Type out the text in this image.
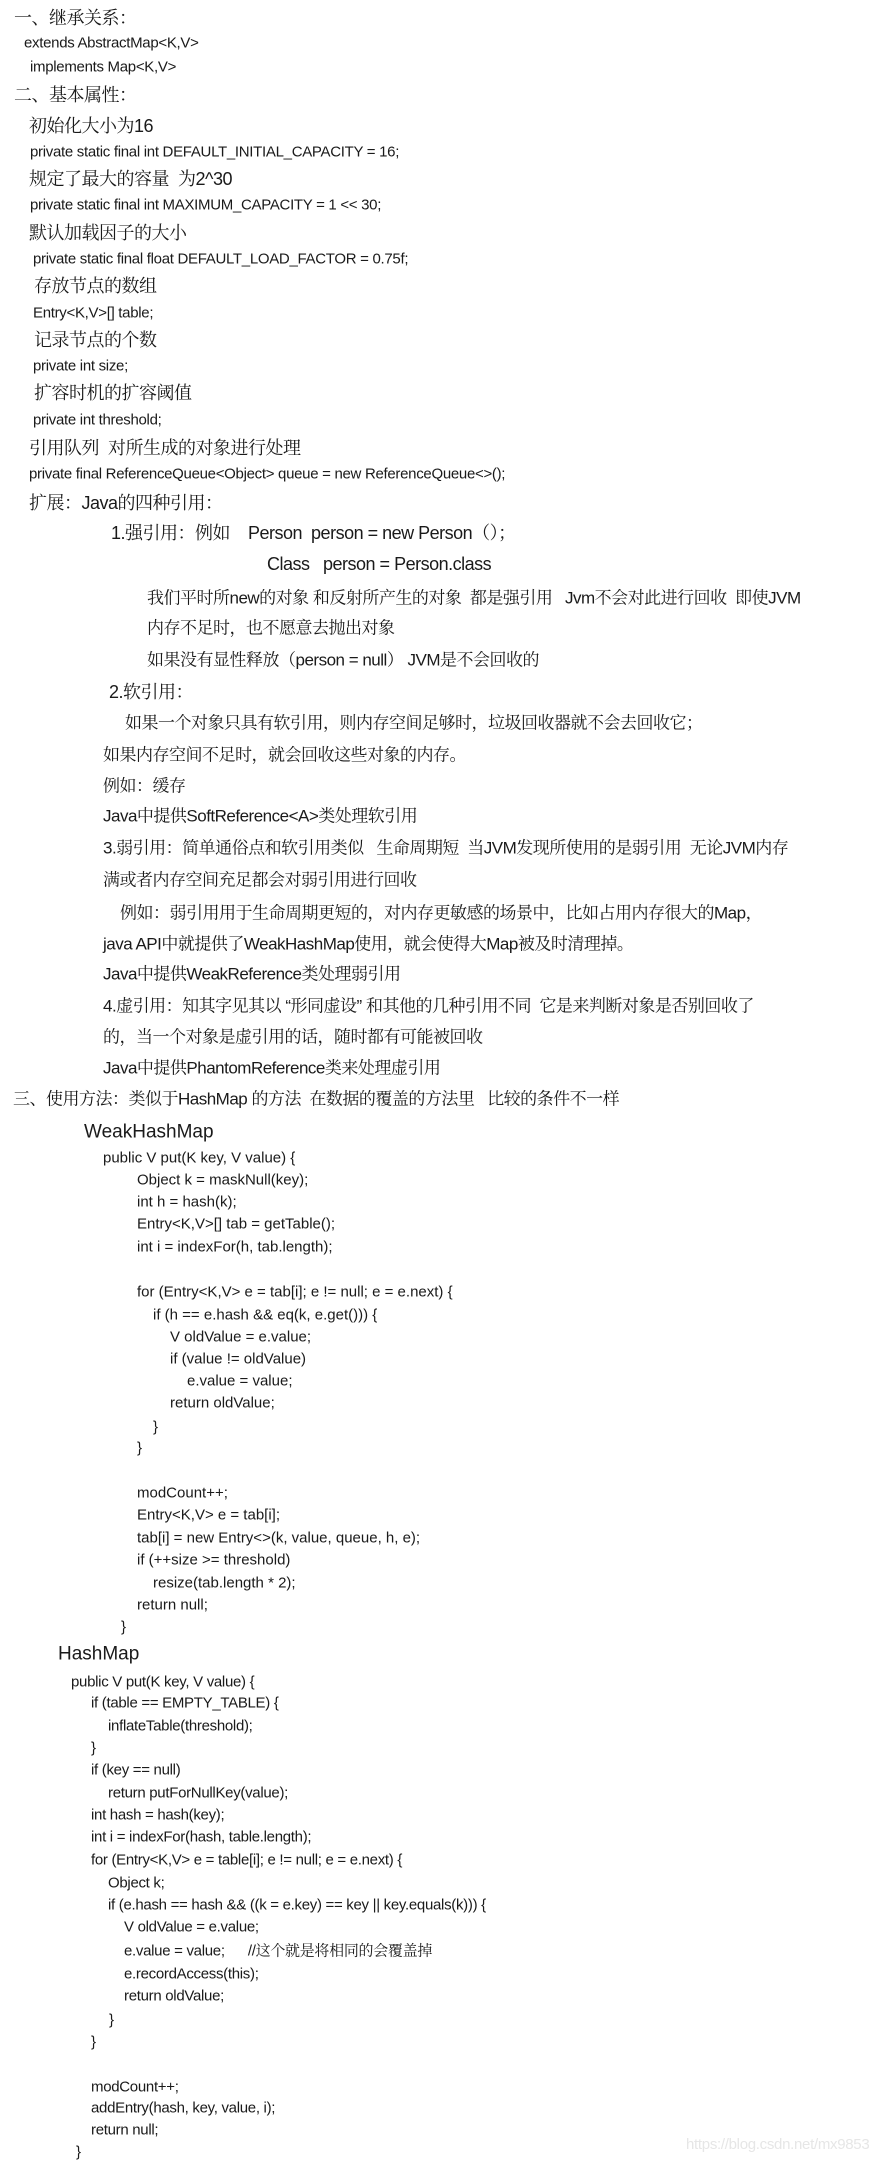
一、继承关系：
extends AbstractMap<K,V>
implements Map<K,V>
二、基本属性：
初始化大小为16
private static final int DEFAULT_INITIAL_CAPACITY = 16;
规定了最大的容量  为2^30
private static final int MAXIMUM_CAPACITY = 1 << 30;
默认加载因子的大小
private static final float DEFAULT_LOAD_FACTOR = 0.75f;
存放节点的数组
Entry<K,V>[] table;
记录节点的个数
private int size;
扩容时机的扩容阈值
private int threshold;
引用队列  对所生成的对象进行处理
private final ReferenceQueue<Object> queue = new ReferenceQueue<>();
扩展：Java的四种引用：
1.强引用：例如    Person  person = new Person（）；
Class   person = Person.class
我们平时所new的对象 和反射所产生的对象  都是强引用   Jvm不会对此进行回收  即使JVM
内存不足时，也不愿意去抛出对象
如果没有显性释放（person = null） JVM是不会回收的
2.软引用：
如果一个对象只具有软引用，则内存空间足够时，垃圾回收器就不会去回收它；
如果内存空间不足时，就会回收这些对象的内存。
例如：缓存
Java中提供SoftReference<A>类处理软引用
3.弱引用：简单通俗点和软引用类似   生命周期短  当JVM发现所使用的是弱引用  无论JVM内存
满或者内存空间充足都会对弱引用进行回收
例如：弱引用用于生命周期更短的，对内存更敏感的场景中，比如占用内存很大的Map，
java API中就提供了WeakHashMap使用，就会使得大Map被及时清理掉。
Java中提供WeakReference类处理弱引用
4.虚引用：知其字见其以 “形同虚设” 和其他的几种引用不同  它是来判断对象是否别回收了
的，当一个对象是虚引用的话，随时都有可能被回收
Java中提供PhantomReference类来处理虚引用
三、使用方法：类似于HashMap 的方法  在数据的覆盖的方法里   比较的条件不一样
WeakHashMap
public V put(K key, V value) {
Object k = maskNull(key);
int h = hash(k);
Entry<K,V>[] tab = getTable();
int i = indexFor(h, tab.length);
for (Entry<K,V> e = tab[i]; e != null; e = e.next) {
if (h == e.hash && eq(k, e.get())) {
V oldValue = e.value;
if (value != oldValue)
e.value = value;
return oldValue;
}
}
modCount++;
Entry<K,V> e = tab[i];
tab[i] = new Entry<>(k, value, queue, h, e);
if (++size >= threshold)
resize(tab.length * 2);
return null;
}
HashMap
public V put(K key, V value) {
if (table == EMPTY_TABLE) {
inflateTable(threshold);
}
if (key == null)
return putForNullKey(value);
int hash = hash(key);
int i = indexFor(hash, table.length);
for (Entry<K,V> e = table[i]; e != null; e = e.next) {
Object k;
if (e.hash == hash && ((k = e.key) == key || key.equals(k))) {
V oldValue = e.value;
e.value = value;      //这个就是将相同的会覆盖掉
e.recordAccess(this);
return oldValue;
}
}
modCount++;
addEntry(hash, key, value, i);
return null;
}	https://blog.csdn.net/mx9853
